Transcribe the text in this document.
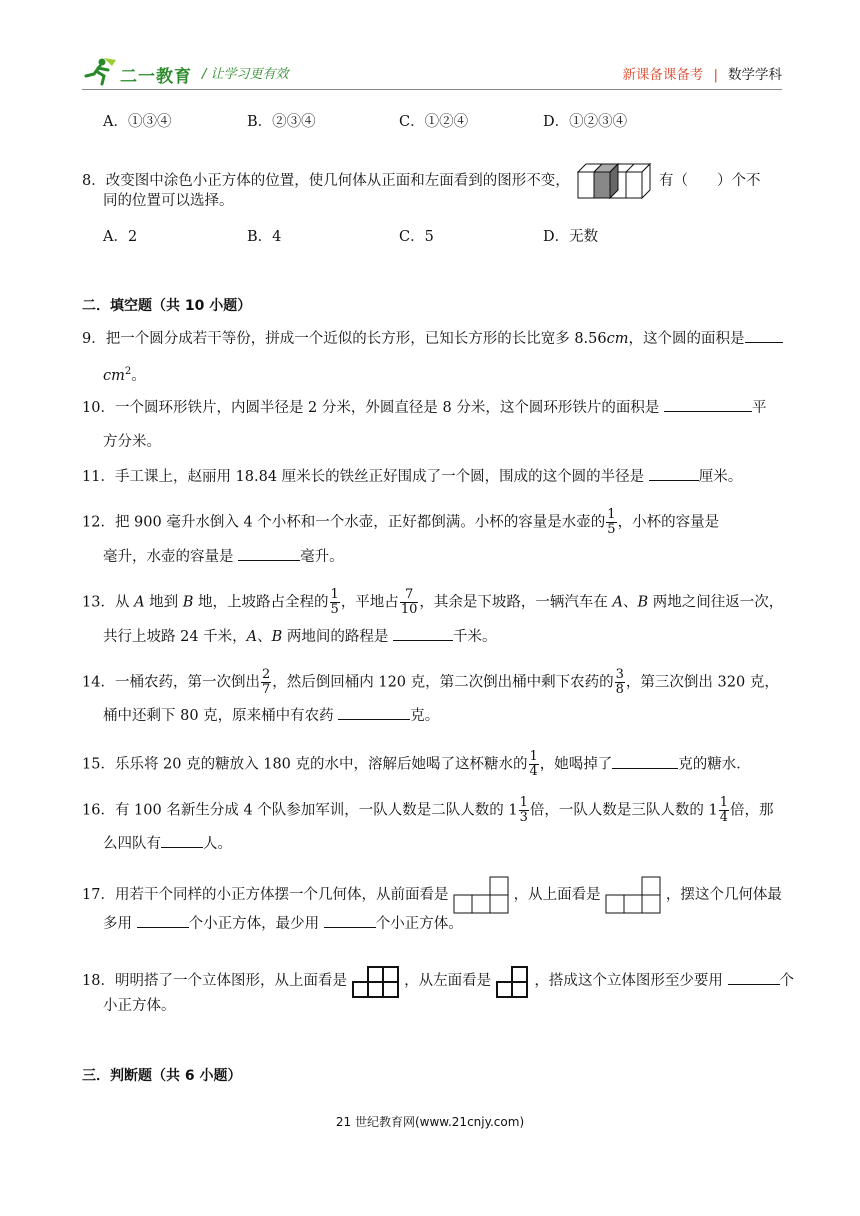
二一教育 / 让学习更有效	新课备课备考 | 数学学科
A．①③④	B．②③④	C．①②④	D．①②③④
8．改变图中涂色小正方体的位置，使几何体从正面和左面看到的图形不变，	有（　　）个不
同的位置可以选择。
A．2	B．4	C．5	D．无数
二．填空题（共 10 小题）
9．把一个圆分成若干等份，拼成一个近似的长方形，已知长方形的长比宽多 8.56cm，这个圆的面积是
$cm^2$。
10．一个圆环形铁片，内圆半径是 2 分米，外圆直径是 8 分米，这个圆环形铁片的面积是	平
方分米。
11．手工课上，赵丽用 18.84 厘米长的铁丝正好围成了一个圆，围成的这个圆的半径是	厘米。
12．把 900 毫升水倒入 4 个小杯和一个水壶，正好都倒满。小杯的容量是水壶的 $\frac{1}{5}$ ，小杯的容量是
毫升，水壶的容量是	毫升。
13．从 A 地到 B 地，上坡路占全程的 $\frac{1}{5}$ ，平地占 $\frac{7}{10}$ ，其余是下坡路，一辆汽车在 A、B 两地之间往返一次，
共行上坡路 24 千米，A、B 两地间的路程是	千米。
14．一桶农药，第一次倒出 $\frac{2}{7}$ ，然后倒回桶内 120 克，第二次倒出桶中剩下农药的 $\frac{3}{8}$ ，第三次倒出 320 克，
桶中还剩下 80 克，原来桶中有农药	克。
15．乐乐将 20 克的糖放入 180 克的水中，溶解后她喝了这杯糖水的 $\frac{1}{4}$ ，她喝掉了	克的糖水．
16．有 100 名新生分成 4 个队参加军训，一队人数是二队人数的 $1 \frac{1}{3}$ 倍，一队人数是三队人数的 $1 \frac{1}{4}$ 倍，那
么四队有	人。
17．用若干个同样的小正方体摆一个几何体，从前面看是	，从上面看是	，摆这个几何体最
多用	个小正方体，最少用	个小正方体。
18．明明搭了一个立体图形，从上面看是	，从左面看是	，搭成这个立体图形至少要用	个
小正方体。
三．判断题（共 6 小题）
21 世纪教育网(www.21cnjy.com)
